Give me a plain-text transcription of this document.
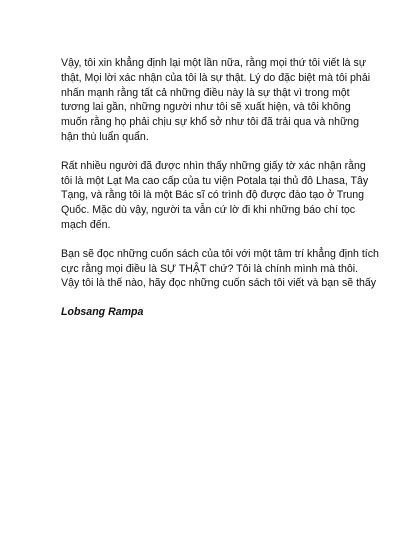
Vậy, tôi xin khẳng định lại một lần nữa, rằng mọi thứ tôi viết là sự thật, Mọi lời xác nhận của tôi là sự thật. Lý do đặc biệt mà tôi phải nhấn mạnh rằng tất cả những điều này là sự thật vì trong một tương lai gần, những người như tôi sẽ xuất hiện, và tôi không muốn rằng họ phải chịu sự khổ sở như tôi đã trải qua và những hận thù luẩn quẩn.

Rất nhiều người đã được nhìn thấy những giấy tờ xác nhận rằng tôi là một Lạt Ma cao cấp của tu viện Potala tại thủ đô Lhasa, Tây Tạng, và rằng tôi là một Bác sĩ có trình độ được đào tạo ở Trung Quốc. Mặc dù vậy, người ta vẫn cứ lờ đi khi những báo chí tọc mạch đến.

Bạn sẽ đọc những cuốn sách của tôi với một tâm trí khẳng định tích cực rằng mọi điều là SỰ THẬT chứ? Tôi là chính mình mà thôi. Vậy tôi là thế nào, hãy đọc những cuốn sách tôi viết và bạn sẽ thấy

Lobsang Rampa
